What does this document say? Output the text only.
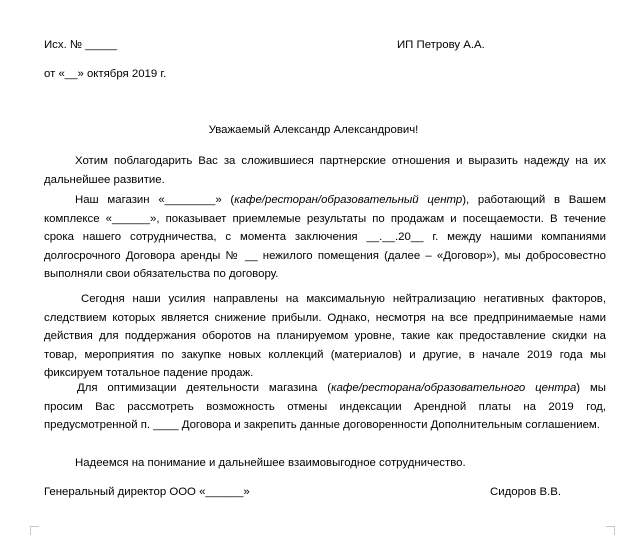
Исх. № _____	ИП Петрову А.А.
от «__» октября 2019 г.
Уважаемый Александр Александрович!
Хотим поблагодарить Вас за сложившиеся партнерские отношения и выразить надежду на их дальнейшее развитие.
Наш магазин «________» (кафе/ресторан/образовательный центр), работающий в Вашем комплексе «______», показывает приемлемые результаты по продажам и посещаемости. В течение срока нашего сотрудничества, с момента заключения __.__.20__ г. между нашими компаниями долгосрочного Договора аренды № __ нежилого помещения (далее – «Договор»), мы добросовестно выполняли свои обязательства по договору.
Сегодня наши усилия направлены на максимальную нейтрализацию негативных факторов, следствием которых является снижение прибыли. Однако, несмотря на все предпринимаемые нами действия для поддержания оборотов на планируемом уровне, такие как предоставление скидки на товар, мероприятия по закупке новых коллекций (материалов) и другие, в начале 2019 года мы фиксируем тотальное падение продаж.
Для оптимизации деятельности магазина (кафе/ресторана/образовательного центра) мы просим Вас рассмотреть возможность отмены индексации Арендной платы на 2019 год, предусмотренной п. ____ Договора и закрепить данные договоренности Дополнительным соглашением.
Надеемся на понимание и дальнейшее взаимовыгодное сотрудничество.
Генеральный директор ООО «______»	Сидоров В.В.
